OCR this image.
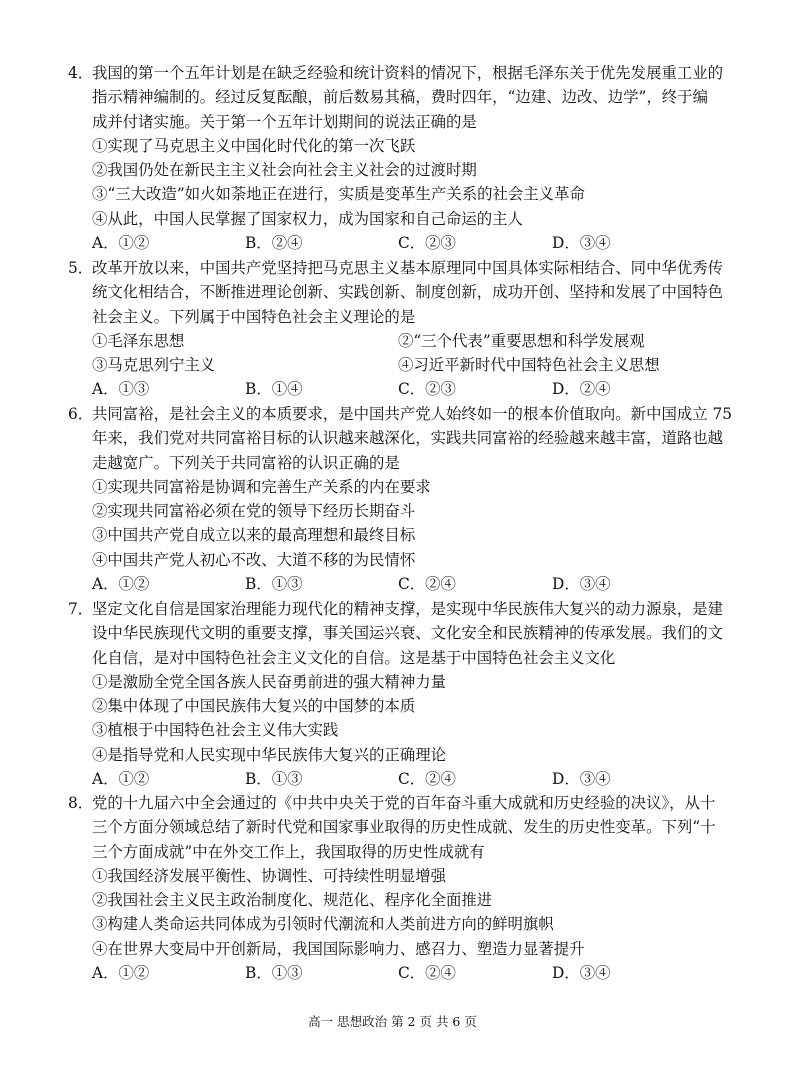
4．
我国的第一个五年计划是在缺乏经验和统计资料的情况下，根据毛泽东关于优先发展重工业的
指示精神编制的。经过反复酝酿，前后数易其稿，费时四年，“边建、边改、边学”，终于编
成并付诸实施。关于第一个五年计划期间的说法正确的是
①实现了马克思主义中国化时代化的第一次飞跃
②我国仍处在新民主主义社会向社会主义社会的过渡时期
③“三大改造”如火如荼地正在进行，实质是变革生产关系的社会主义革命
④从此，中国人民掌握了国家权力，成为国家和自己命运的主人
A．①②	B．②④	C．②③	D．③④
5．
改革开放以来，中国共产党坚持把马克思主义基本原理同中国具体实际相结合、同中华优秀传
统文化相结合，不断推进理论创新、实践创新、制度创新，成功开创、坚持和发展了中国特色
社会主义。下列属于中国特色社会主义理论的是
①毛泽东思想	②“三个代表”重要思想和科学发展观
③马克思列宁主义	④习近平新时代中国特色社会主义思想
A．①③	B．①④	C．②③	D．②④
6．
共同富裕，是社会主义的本质要求，是中国共产党人始终如一的根本价值取向。新中国成立 75
年来，我们党对共同富裕目标的认识越来越深化，实践共同富裕的经验越来越丰富，道路也越
走越宽广。下列关于共同富裕的认识正确的是
①实现共同富裕是协调和完善生产关系的内在要求
②实现共同富裕必须在党的领导下经历长期奋斗
③中国共产党自成立以来的最高理想和最终目标
④中国共产党人初心不改、大道不移的为民情怀
A．①②	B．①③	C．②④	D．③④
7．
坚定文化自信是国家治理能力现代化的精神支撑，是实现中华民族伟大复兴的动力源泉，是建
设中华民族现代文明的重要支撑，事关国运兴衰、文化安全和民族精神的传承发展。我们的文
化自信，是对中国特色社会主义文化的自信。这是基于中国特色社会主义文化
①是激励全党全国各族人民奋勇前进的强大精神力量
②集中体现了中国民族伟大复兴的中国梦的本质
③植根于中国特色社会主义伟大实践
④是指导党和人民实现中华民族伟大复兴的正确理论
A．①②	B．①③	C．②④	D．③④
8．
党的十九届六中全会通过的《中共中央关于党的百年奋斗重大成就和历史经验的决议》，从十
三个方面分领域总结了新时代党和国家事业取得的历史性成就、发生的历史性变革。下列“十
三个方面成就”中在外交工作上，我国取得的历史性成就有
①我国经济发展平衡性、协调性、可持续性明显增强
②我国社会主义民主政治制度化、规范化、程序化全面推进
③构建人类命运共同体成为引领时代潮流和人类前进方向的鲜明旗帜
④在世界大变局中开创新局，我国国际影响力、感召力、塑造力显著提升
A．①②	B．①③	C．②④	D．③④
高一 思想政治 第 2 页 共 6 页
